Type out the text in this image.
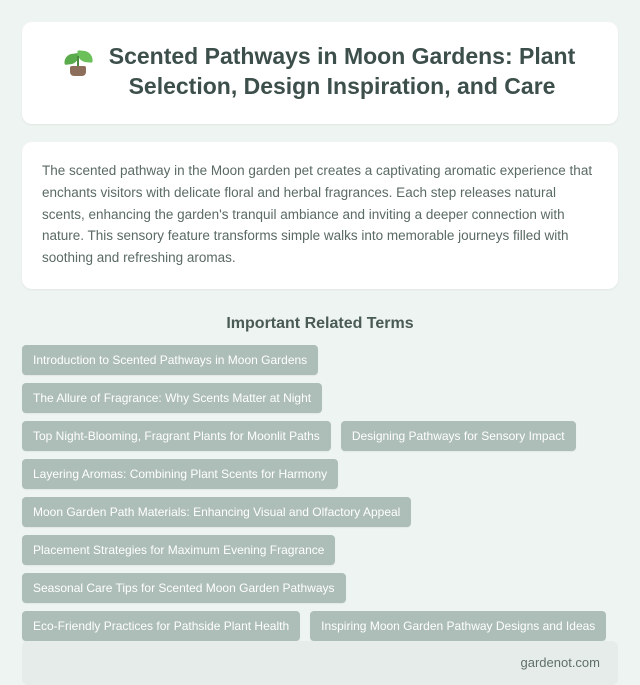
Scented Pathways in Moon Gardens: Plant Selection, Design Inspiration, and Care

The scented pathway in the Moon garden pet creates a captivating aromatic experience that enchants visitors with delicate floral and herbal fragrances. Each step releases natural scents, enhancing the garden's tranquil ambiance and inviting a deeper connection with nature. This sensory feature transforms simple walks into memorable journeys filled with soothing and refreshing aromas.

Important Related Terms
Introduction to Scented Pathways in Moon Gardens
The Allure of Fragrance: Why Scents Matter at Night
Top Night-Blooming, Fragrant Plants for Moonlit Paths	Designing Pathways for Sensory Impact
Layering Aromas: Combining Plant Scents for Harmony
Moon Garden Path Materials: Enhancing Visual and Olfactory Appeal
Placement Strategies for Maximum Evening Fragrance
Seasonal Care Tips for Scented Moon Garden Pathways
Eco-Friendly Practices for Pathside Plant Health	Inspiring Moon Garden Pathway Designs and Ideas
gardenot.com
